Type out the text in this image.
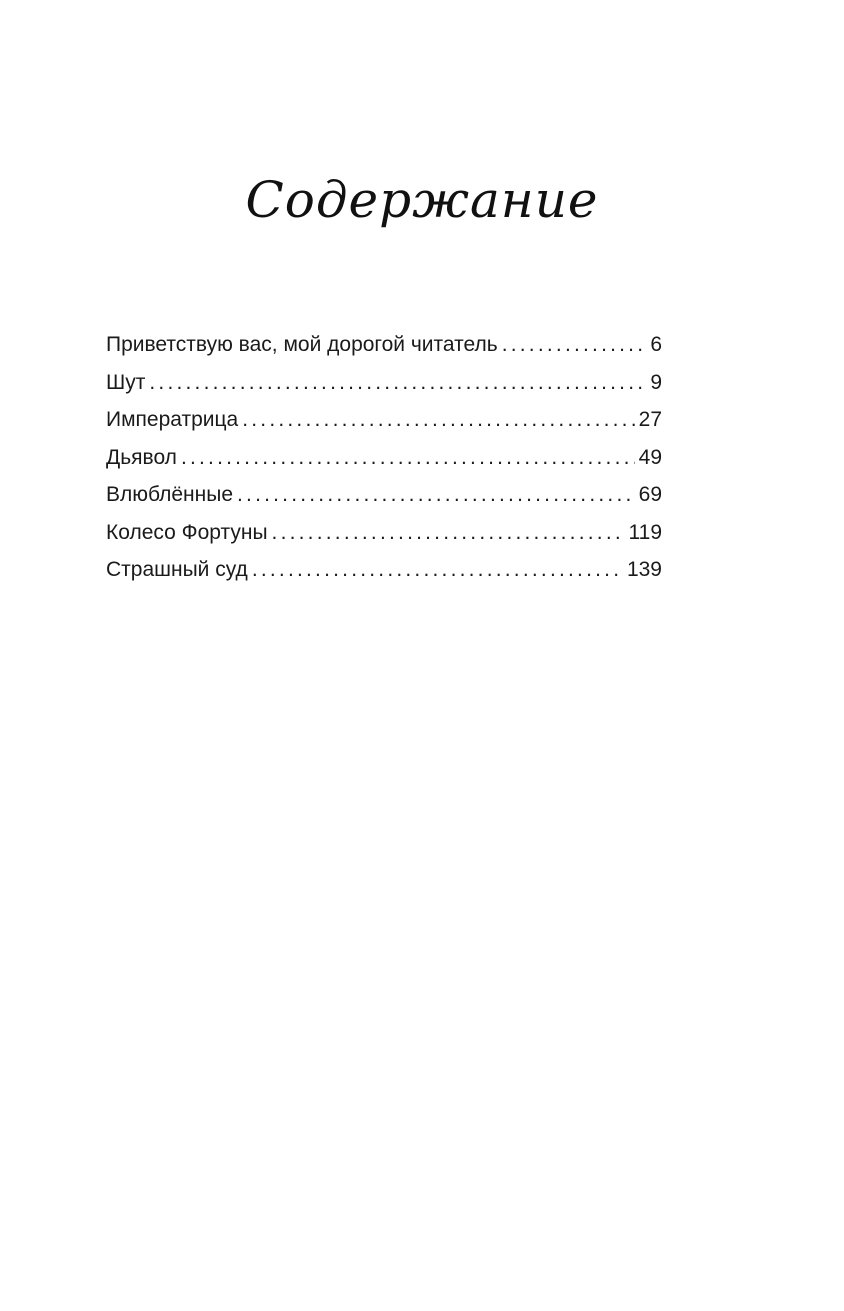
Содержание
Приветствую вас, мой дорогой читатель .....	6
Шут .....	9
Императрица .....	27
Дьявол .....	49
Влюблённые .....	69
Колесо Фортуны .....	119
Страшный суд .....	139
